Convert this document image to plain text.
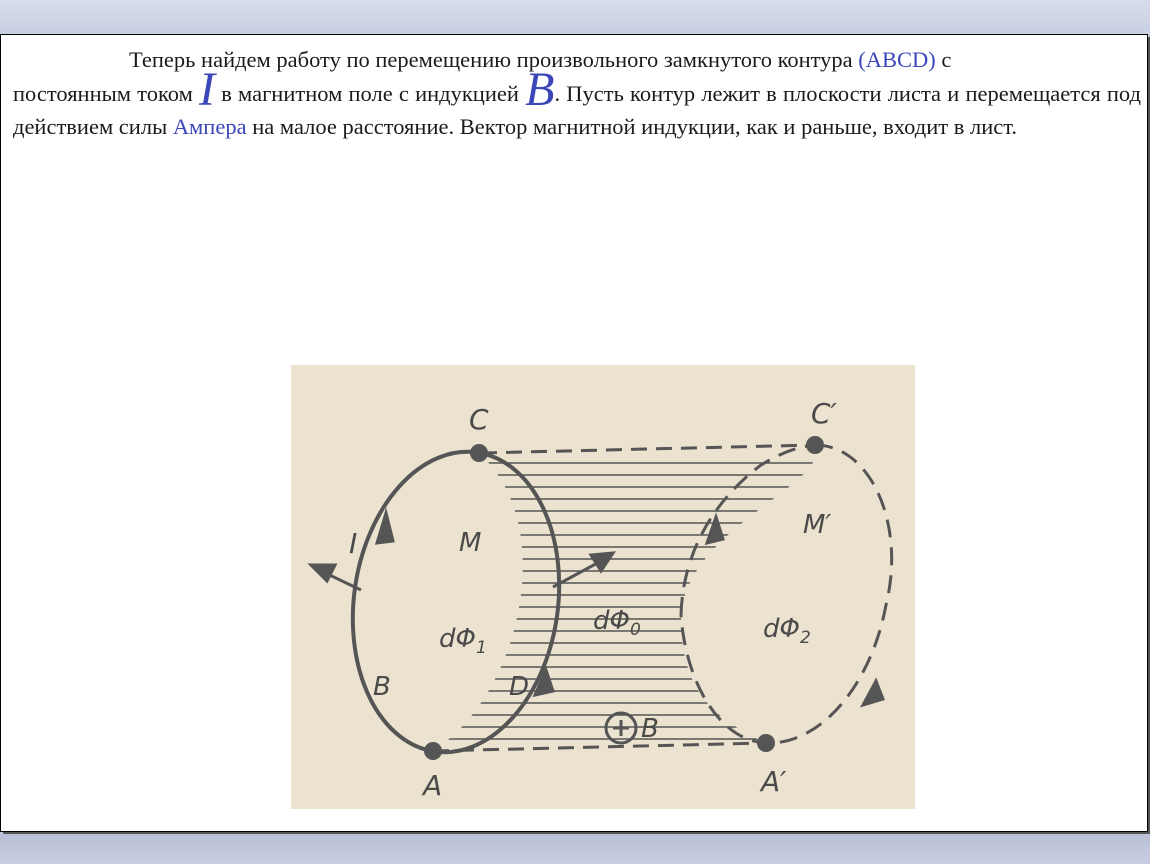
Теперь найдем работу по перемещению произвольного замкнутого контура (ABCD) с
постоянным током I в магнитном поле с индукцией B. Пусть контур лежит в плоскости листа и перемещается под действием силы Ампера на малое расстояние. Вектор магнитной индукции, как и раньше, входит в лист.
C	C′
A	A′
I	M
M′
B	D
$d\Phi_1$
$d\Phi_0$	$d\Phi_2$
B
